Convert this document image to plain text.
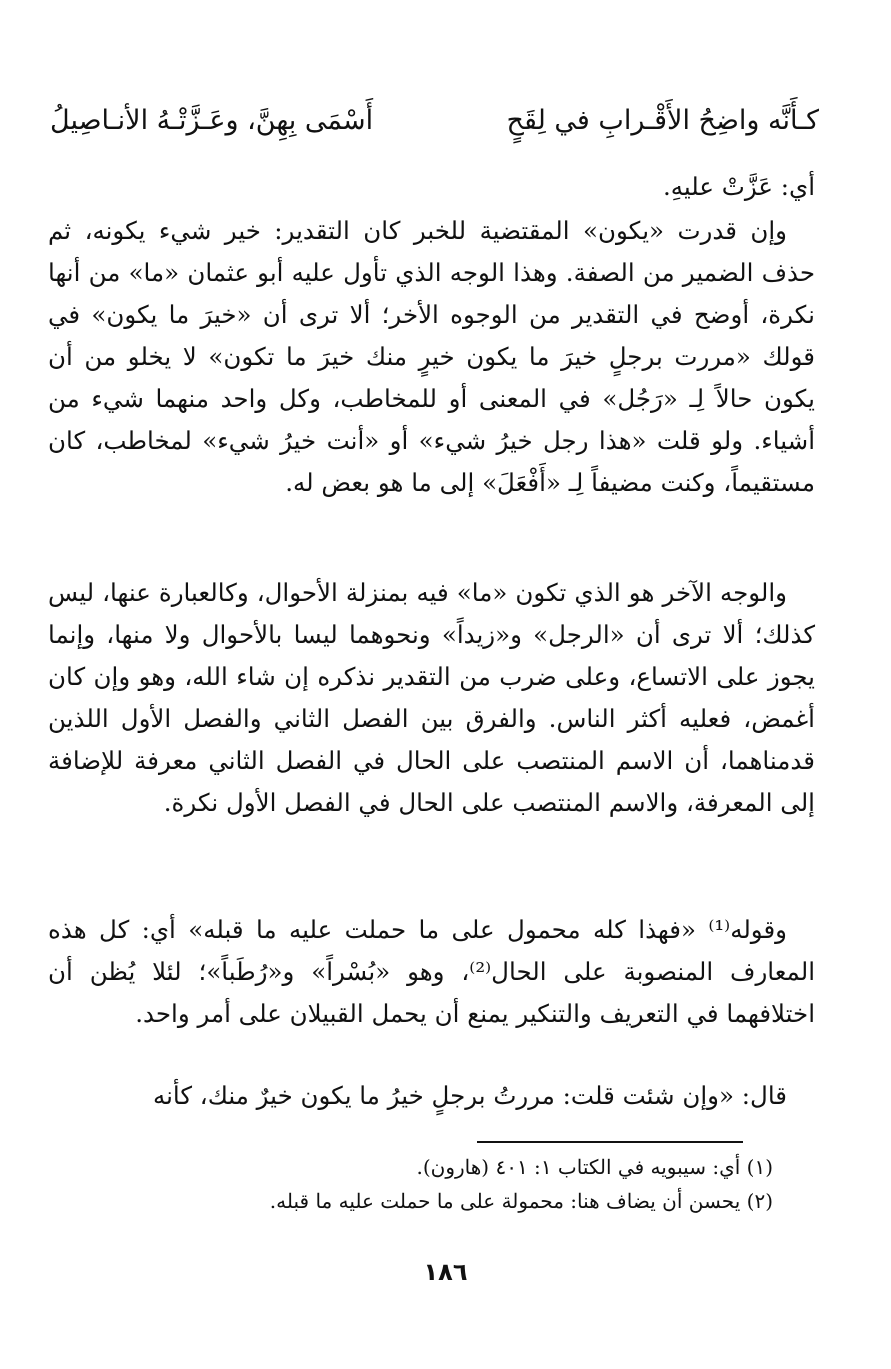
كـأَنَّه واضِحُ الأَقْـرابِ في لِقَحٍ
أَسْمَى بِهِنَّ، وعَـزَّتْـهُ الأنـاصِيلُ

أي: عَزَّتْ عليهِ.

وإن قدرت «يكون» المقتضية للخبر كان التقدير: خير شيء يكونه، ثم حذف الضمير من الصفة. وهذا الوجه الذي تأول عليه أبو عثمان «ما» من أنها نكرة، أوضح في التقدير من الوجوه الأخر؛ ألا ترى أن «خيرَ ما يكون» في قولك «مررت برجلٍ خيرَ ما يكون خيرٍ منك خيرَ ما تكون» لا يخلو من أن يكون حالاً لِـ «رَجُل» في المعنى أو للمخاطب، وكل واحد منهما شيء من أشياء. ولو قلت «هذا رجل خيرُ شيء» أو «أنت خيرُ شيء» لمخاطب، كان مستقيماً، وكنت مضيفاً لِـ «أَفْعَلَ» إلى ما هو بعض له.

والوجه الآخر هو الذي تكون «ما» فيه بمنزلة الأحوال، وكالعبارة عنها، ليس كذلك؛ ألا ترى أن «الرجل» و«زيداً» ونحوهما ليسا بالأحوال ولا منها، وإنما يجوز على الاتساع، وعلى ضرب من التقدير نذكره إن شاء الله، وهو وإن كان أغمض، فعليه أكثر الناس. والفرق بين الفصل الثاني والفصل الأول اللذين قدمناهما، أن الاسم المنتصب على الحال في الفصل الثاني معرفة للإضافة إلى المعرفة، والاسم المنتصب على الحال في الفصل الأول نكرة.

وقوله⁽¹⁾ «فهذا كله محمول على ما حملت عليه ما قبله» أي: كل هذه المعارف المنصوبة على الحال⁽²⁾، وهو «بُسْراً» و«رُطَباً»؛ لئلا يُظن أن اختلافهما في التعريف والتنكير يمنع أن يحمل القبيلان على أمر واحد.

قال: «وإن شئت قلت: مررتُ برجلٍ خيرُ ما يكون خيرٌ منك، كأنه

(١) أي: سيبويه في الكتاب ١: ٤٠١ (هارون).
(٢) يحسن أن يضاف هنا: محمولة على ما حملت عليه ما قبله.
١٨٦
